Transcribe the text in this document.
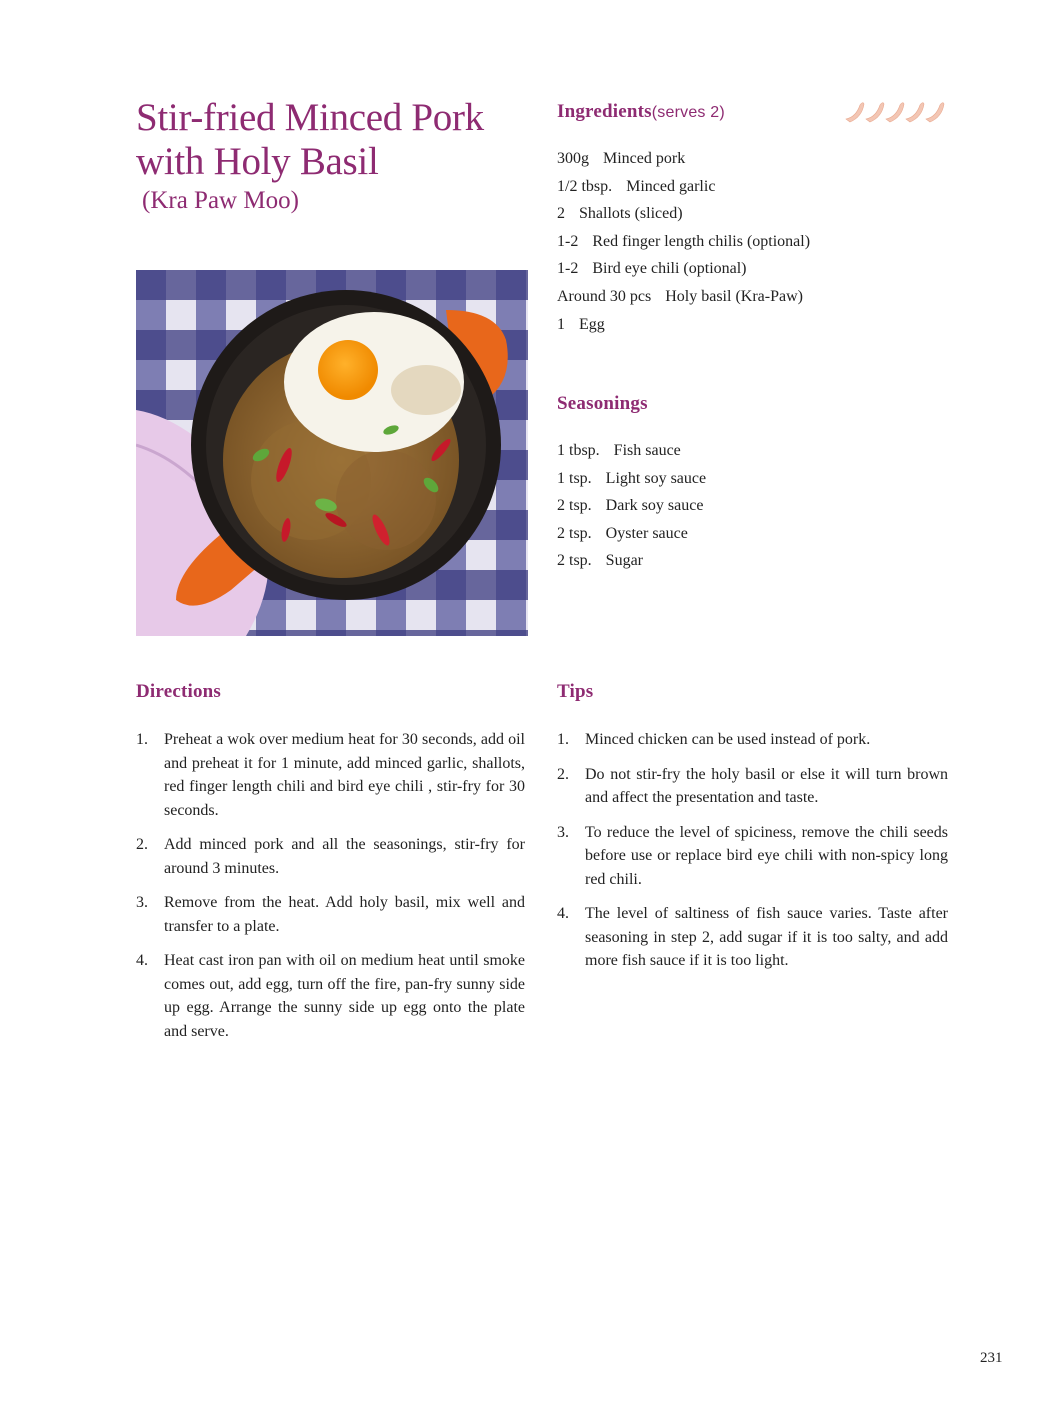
Stir-fried Minced Pork with Holy Basil
(Kra Paw Moo)
Ingredients(serves 2)
300g Minced pork
1/2 tbsp. Minced garlic
2 Shallots (sliced)
1-2 Red finger length chilis (optional)
1-2 Bird eye chili (optional)
Around 30 pcs Holy basil (Kra-Paw)
1 Egg
Seasonings
1 tbsp. Fish sauce
1 tsp. Light soy sauce
2 tsp. Dark soy sauce
2 tsp. Oyster sauce
2 tsp. Sugar
Directions
1. Preheat a wok over medium heat for 30 seconds, add oil and preheat it for 1 minute, add minced garlic, shallots, red finger length chili and bird eye chili , stir-fry for 30 seconds.
2. Add minced pork and all the seasonings, stir-fry for around 3 minutes.
3. Remove from the heat. Add holy basil, mix well and transfer to a plate.
4. Heat cast iron pan with oil on medium heat until smoke comes out, add egg, turn off the fire, pan-fry sunny side up egg. Arrange the sunny side up egg onto the plate and serve.
Tips
1. Minced chicken can be used instead of pork.
2. Do not stir-fry the holy basil or else it will turn brown and affect the presentation and taste.
3. To reduce the level of spiciness, remove the chili seeds before use or replace bird eye chili with non-spicy long red chili.
4. The level of saltiness of fish sauce varies. Taste after seasoning in step 2, add sugar if it is too salty, and add more fish sauce if it is too light.
231
